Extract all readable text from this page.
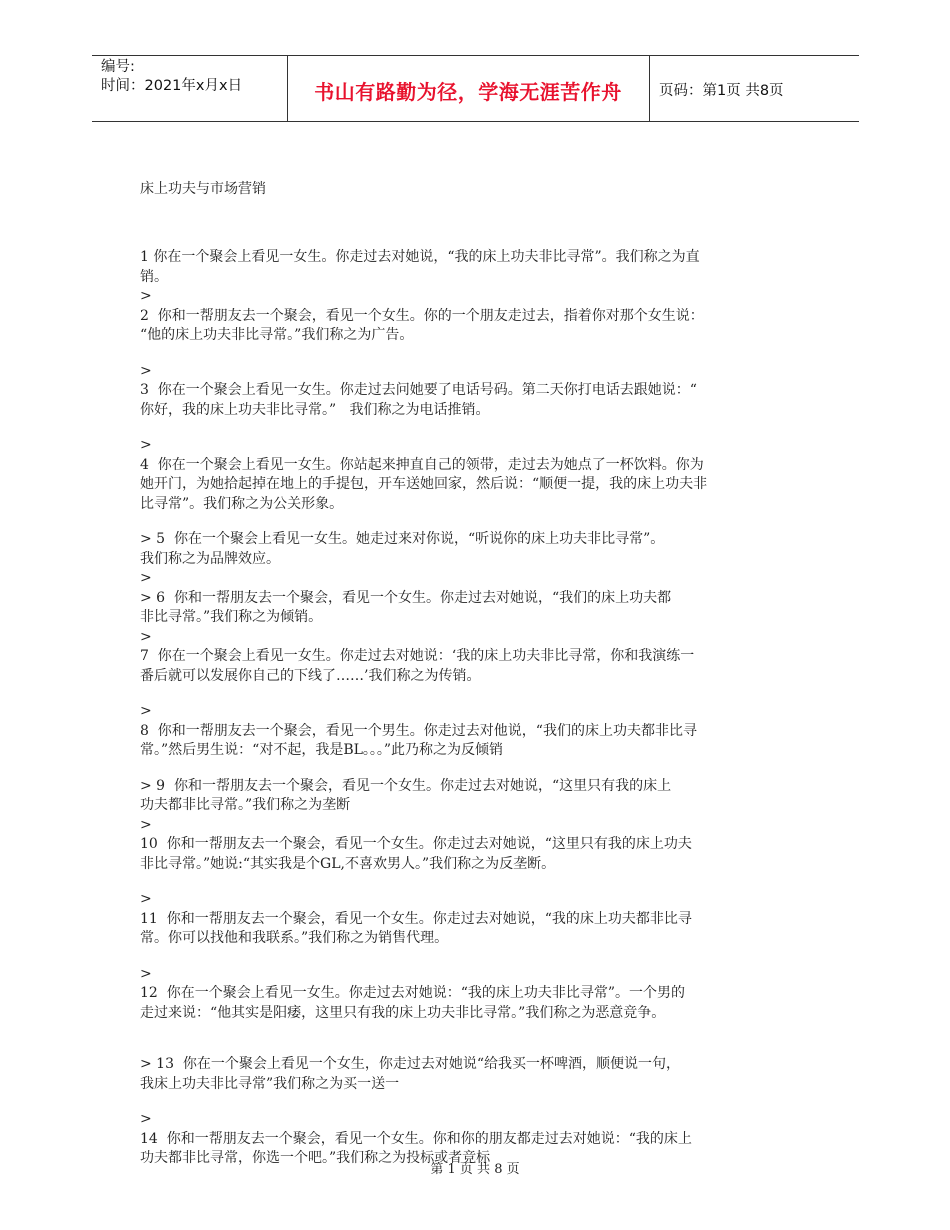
编号:
时间：2021年x月x日	书山有路勤为径，学海无涯苦作舟	页码：第1页 共8页
床上功夫与市场营销

1 你在一个聚会上看见一女生。你走过去对她说，“我的床上功夫非比寻常”。我们称之为直

销。

>

2  你和一帮朋友去一个聚会，看见一个女生。你的一个朋友走过去，指着你对那个女生说：

“他的床上功夫非比寻常。”我们称之为广告。

>

3  你在一个聚会上看见一女生。你走过去问她要了电话号码。第二天你打电话去跟她说：“

你好，我的床上功夫非比寻常。”   我们称之为电话推销。

>

4  你在一个聚会上看见一女生。你站起来抻直自己的领带，走过去为她点了一杯饮料。你为

她开门，为她拾起掉在地上的手提包，开车送她回家，然后说：“顺便一提，我的床上功夫非

比寻常”。我们称之为公关形象。

> 5  你在一个聚会上看见一女生。她走过来对你说，“听说你的床上功夫非比寻常”。

我们称之为品牌效应。

>

> 6  你和一帮朋友去一个聚会，看见一个女生。你走过去对她说，“我们的床上功夫都

非比寻常。”我们称之为倾销。

>

7  你在一个聚会上看见一女生。你走过去对她说：‘我的床上功夫非比寻常，你和我演练一

番后就可以发展你自己的下线了……’我们称之为传销。

>

8  你和一帮朋友去一个聚会，看见一个男生。你走过去对他说，“我们的床上功夫都非比寻

常。”然后男生说：“对不起，我是BL。。。”此乃称之为反倾销

> 9  你和一帮朋友去一个聚会，看见一个女生。你走过去对她说，“这里只有我的床上

功夫都非比寻常。”我们称之为垄断

>

10  你和一帮朋友去一个聚会，看见一个女生。你走过去对她说，“这里只有我的床上功夫

非比寻常。”她说:“其实我是个GL,不喜欢男人。”我们称之为反垄断。

>

11  你和一帮朋友去一个聚会，看见一个女生。你走过去对她说，“我的床上功夫都非比寻

常。你可以找他和我联系。”我们称之为销售代理。

>

12  你在一个聚会上看见一女生。你走过去对她说：“我的床上功夫非比寻常”。一个男的

走过来说：“他其实是阳痿，这里只有我的床上功夫非比寻常。”我们称之为恶意竞争。

> 13  你在一个聚会上看见一个女生，你走过去对她说“给我买一杯啤酒，顺便说一句，

我床上功夫非比寻常”我们称之为买一送一

>

14  你和一帮朋友去一个聚会，看见一个女生。你和你的朋友都走过去对她说：“我的床上

功夫都非比寻常，你选一个吧。”我们称之为投标或者竞标

第 1 页 共 8 页
